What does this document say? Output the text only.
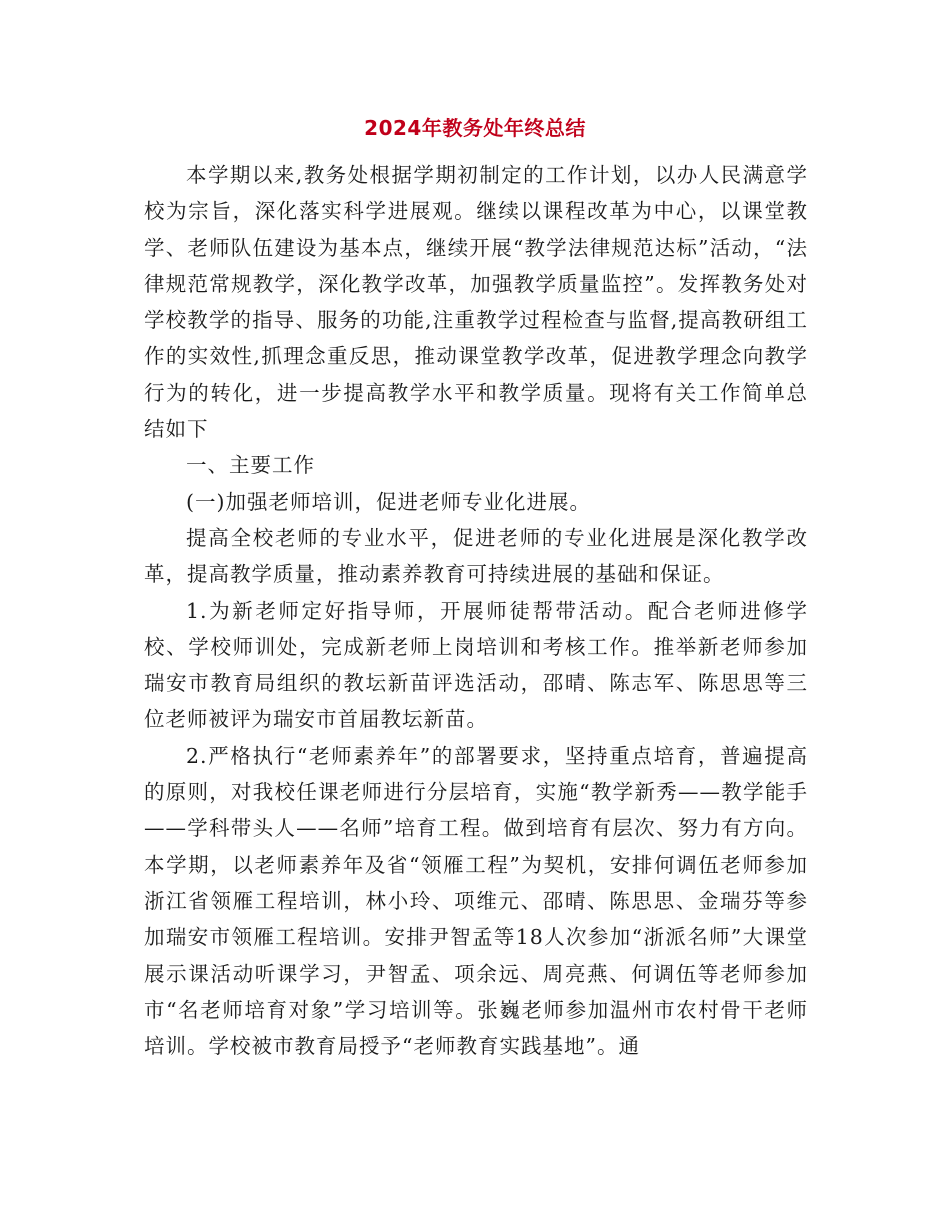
2024年教务处年终总结

本学期以来,教务处根据学期初制定的工作计划，以办人民满意学校为宗旨，深化落实科学进展观。继续以课程改革为中心，以课堂教学、老师队伍建设为基本点，继续开展“教学法律规范达标”活动，“法律规范常规教学，深化教学改革，加强教学质量监控”。发挥教务处对学校教学的指导、服务的功能,注重教学过程检查与监督,提高教研组工作的实效性,抓理念重反思，推动课堂教学改革，促进教学理念向教学行为的转化，进一步提高教学水平和教学质量。现将有关工作简单总结如下

一、主要工作

(一)加强老师培训，促进老师专业化进展。

提高全校老师的专业水平，促进老师的专业化进展是深化教学改革，提高教学质量，推动素养教育可持续进展的基础和保证。

1.为新老师定好指导师，开展师徒帮带活动。配合老师进修学校、学校师训处，完成新老师上岗培训和考核工作。推举新老师参加瑞安市教育局组织的教坛新苗评选活动，邵晴、陈志军、陈思思等三位老师被评为瑞安市首届教坛新苗。

2.严格执行“老师素养年”的部署要求，坚持重点培育，普遍提高的原则，对我校任课老师进行分层培育，实施“教学新秀——教学能手——学科带头人——名师”培育工程。做到培育有层次、努力有方向。本学期，以老师素养年及省“领雁工程”为契机，安排何调伍老师参加浙江省领雁工程培训，林小玲、项维元、邵晴、陈思思、金瑞芬等参加瑞安市领雁工程培训。安排尹智孟等18人次参加“浙派名师”大课堂展示课活动听课学习，尹智孟、项余远、周亮燕、何调伍等老师参加市“名老师培育对象”学习培训等。张巍老师参加温州市农村骨干老师培训。学校被市教育局授予“老师教育实践基地”。通
